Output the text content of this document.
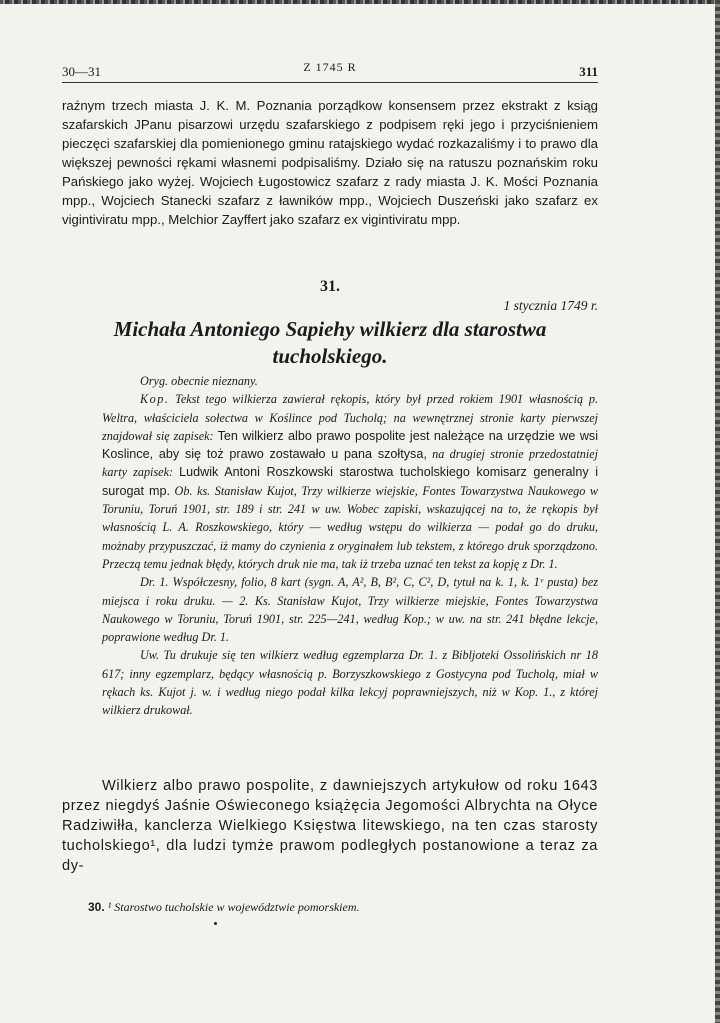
30—31	Z 1745 R	311

raźnym trzech miasta J. K. M. Poznania porządkow konsensem przez ekstrakt z ksiąg szafarskich JPanu pisarzowi urzędu szafarskiego z podpisem ręki jego i przyciśnieniem pieczęci szafarskiej dla pomienionego gminu ratajskiego wydać rozkazaliśmy i to prawo dla większej pewności rękami własnemi podpisaliśmy. Działo się na ratuszu poznańskim roku Pańskiego jako wyżej. Wojciech Ługostowicz szafarz z rady miasta J. K. Mości Poznania mpp., Wojciech Stanecki szafarz z ławników mpp., Wojciech Duszeński jako szafarz ex vigintiviratu mpp., Melchior Zayffert jako szafarz ex vigintiviratu mpp.

31.
1 stycznia 1749 r.
Michała Antoniego Sapiehy wilkierz dla starostwa tucholskiego.

Oryg. obecnie nieznany.

Kop. Tekst tego wilkierza zawierał rękopis, który był przed rokiem 1901 własnością p. Weltra, właściciela sołectwa w Koślince pod Tucholą; na wewnętrznej stronie karty pierwszej znajdował się zapisek: Ten wilkierz albo prawo pospolite jest należące na urzędzie we wsi Koslince, aby się toż prawo zostawało u pana szołtysa, na drugiej stronie przedostatniej karty zapisek: Ludwik Antoni Roszkowski starostwa tucholskiego komisarz generalny i surogat mp. Ob. ks. Stanisław Kujot, Trzy wilkierze wiejskie, Fontes Towarzystwa Naukowego w Toruniu, Toruń 1901, str. 189 i str. 241 w uw. Wobec zapiski, wskazującej na to, że rękopis był własnością L. A. Roszkowskiego, który — według wstępu do wilkierza — podał go do druku, możnaby przypuszczać, iż mamy do czynienia z oryginałem lub tekstem, z którego druk sporządzono. Przeczą temu jednak błędy, których druk nie ma, tak iż trzeba uznać ten tekst za kopję z Dr. 1.

Dr. 1. Współczesny, folio, 8 kart (sygn. A, A², B, B², C, C², D, tytuł na k. 1, k. 1ᵛ pusta) bez miejsca i roku druku. — 2. Ks. Stanisław Kujot, Trzy wilkierze miejskie, Fontes Towarzystwa Naukowego w Toruniu, Toruń 1901, str. 225—241, według Kop.; w uw. na str. 241 błędne lekcje, poprawione według Dr. 1.

Uw. Tu drukuje się ten wilkierz według egzemplarza Dr. 1. z Bibljoteki Ossolińskich nr 18 617; inny egzemplarz, będący własnością p. Borzyszkowskiego z Gostycyna pod Tucholą, miał w rękach ks. Kujot j. w. i według niego podał kilka lekcyj poprawniejszych, niż w Kop. 1., z której wilkierz drukował.

Wilkierz albo prawo pospolite, z dawniejszych artykułow od roku 1643 przez niegdyś Jaśnie Oświeconego książęcia Jegomości Albrychta na Ołyce Radziwiłła, kanclerza Wielkiego Księstwa litewskiego, na ten czas starosty tucholskiego¹, dla ludzi tymże prawom podległych postanowione a teraz za dy-

30. ¹ Starostwo tucholskie w województwie pomorskiem.
